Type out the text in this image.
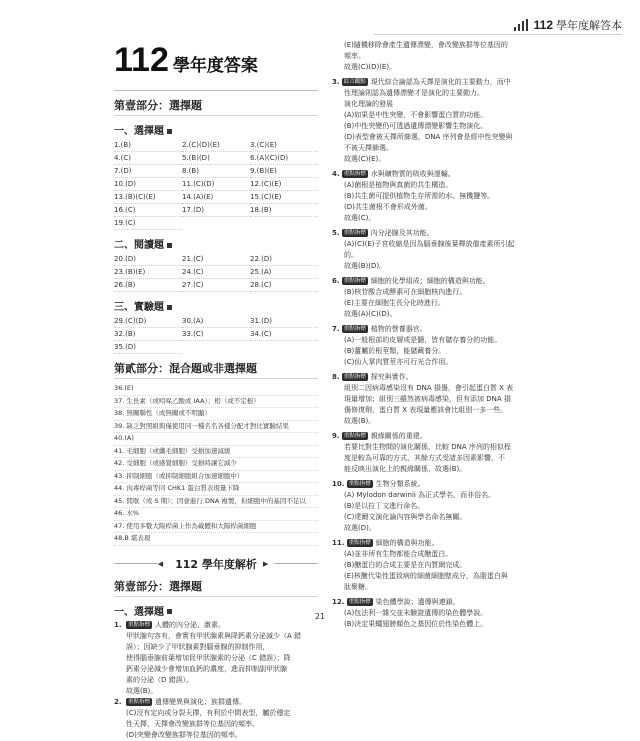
112 學年度解答本
112 學年度答案
第壹部分：選擇題
一、選擇題
1.(B)	2.(C)(D)(E)	3.(C)(E)
4.(C)	5.(B)(D)	6.(A)(C)(D)
7.(D)	8.(B)	9.(B)(E)
10.(D)	11.(C)(D)	12.(C)(E)
13.(B)(C)(E)	14.(A)(E)	15.(C)(E)
16.(C)	17.(D)	18.(B)
19.(C)
二、閱讀題
20.(D)	21.(C)	22.(D)
23.(B)(E)	24.(C)	25.(A)
26.(B)	27.(C)	28.(C)
三、實驗題
29.(C)(D)	30.(A)	31.(D)
32.(B)	33.(C)	34.(C)
35.(D)
第貳部分：混合題或非選擇題
36.(E)
37. 生長素（或吲哚乙酸或 IAA）；相（或不定根）
38. 無關聯性（或無關或不明顯）
39. 缺乏對照組與僅使用同一種名名各樣分配才對比實驗結果
40.(A)
41. 毛細胞（或纖毛細胞）受損加速減緩
42. 受細胞（或感覺細胞）受損時讓它減少
43. 抑制細胞（或抑制細胞組合加速細胞中）
44. 肉毒桿菌等同 CHK1 蛋白質表現量下降
45. 間歇（或 S 期）；因會進行 DNA 複製，但細胞中的基因不足以
46. 水%
47. 使用多數大陽桿菌上作為載體和大陽桿菌細胞
48.B 堪表現
◀ 112 學年度解析 ▶
第壹部分：選擇題
一、選擇題
1. 重點指標 人體的內分泌、激素。
甲狀腺句容有，會實有甲狀腺素與降鈣素分泌減少（A 錯
誤）；因缺少了甲狀腺素對腦垂腺的抑制作用，
使得腦垂腺前葉增加促甲狀腺素的分泌（C 錯誤）；降
鈣素分泌減少會增加血鈣的濃度，進而抑制副甲狀腺
素的分泌（D 錯誤）。
故選(B)。
2. 重點指標 遺傳變異與演化；族群遺傳。
(C)沒有定向或分裂天擇，有利於中間表型，屬於穩定
性天擇，天擇會改變族群等位基因的頻率。
(D)突變會改變族群等位基因的頻率。
(E)隨機移除會產生遺傳漂變，會改變族群等位基因的
頻率。
故選(C)(D)(E)。
3. 綜合觀點 現代綜合論認為天擇是演化的主要動力，而中
性理論則認為遺傳漂變才是演化的主要動力。
演化理論的發展
(A)如果是中性突變，不會影響蛋白質的功能。
(B)中性突變仍可透過遺傳漂變影響生物演化。
(D)表型會被天擇所篩選，DNA 序列會是經中性突變與
不被天擇篩選。
故選(C)(E)。
4. 重點指標 水與礦物質的吸收與運輸。
(A)菌根是植物與真菌的共生構造。
(B)共生菌可提供植物生存所需的水、無機鹽等。
(D)共生菌根不會形成外菌。
故選(C)。
5. 重點指標 內分泌腺及其功能。
(A)(C)(E)子宮收縮是因為腦垂腺後葉釋放催產素所引起
的。
故選(B)(D)。
6. 重點指標 細胞的化學組成；細胞的構造與功能。
(B)核苷酸合成酵素可在細胞核內進行。
(E)主要在細胞生長分化時進行。
故選(A)(C)(D)。
7. 重點指標 植物的營養器官。
(A)一般根部的皮層或是髓，皆有儲存養分的功能。
(B)薑屬於根莖類，能儲藏養分。
(C)仙人掌肉質莖亦可行光合作用。
8. 重點指標 探究與實作。
組別二因病毒感染沒有 DNA 損傷，會引起蛋白質 X 表
現量增加；組別三雖然被病毒感染，但有添加 DNA 損
傷修復劑，蛋白質 X 表現量應該會比組別一多一些。
故選(B)。
9. 重點指標 親緣關係的重建。
若要比對生物間的演化關係，比較 DNA 序列的相似程
度是較為可靠的方式，其餘方式受諸多因素影響，不
能反映出演化上的親緣關係，故選(B)。
10. 重點指標 生物分類系統。
(A) Mylodon darwinii 為正式學名，而非俗名。
(B)是以拉丁文進行命名。
(C)達爾文演化論內容與學名命名無關。
故選(D)。
11. 重點指標 細胞的構造與功能。
(A)並非所有生物都能合成醣蛋白。
(B)醣蛋白的合成主要是在內質網完成。
(E)核醣代染性蛋致病的細菌細胞壁成分，為脂蛋白與
肽聚糖。
12. 重點指標 染色體學說；遺傳與連鎖。
(A)包法利一雜交並未驗證遺傳的染色體學說。
(B)決定果蠅翅膀顏色之基因位於性染色體上。
21
